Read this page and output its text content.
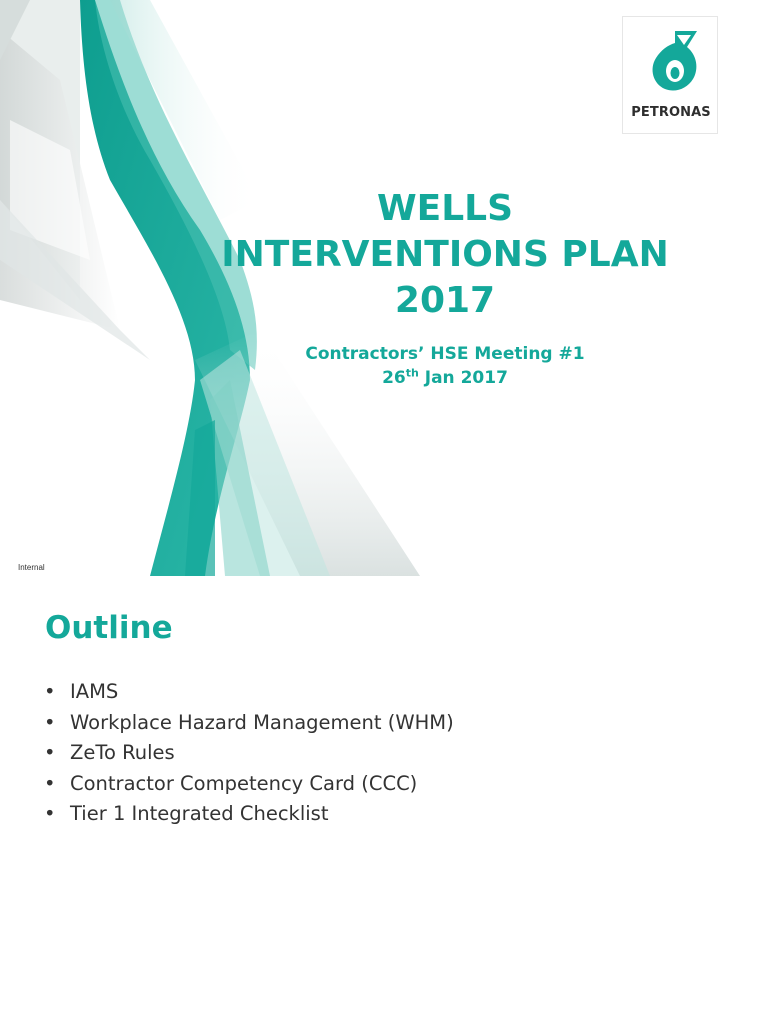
PETRONAS
WELLS
INTERVENTIONS PLAN
2017
Contractors’ HSE Meeting #1
26th Jan 2017
Internal
Outline
• IAMS
• Workplace Hazard Management (WHM)
• ZeTo Rules
• Contractor Competency Card (CCC)
• Tier 1 Integrated Checklist
